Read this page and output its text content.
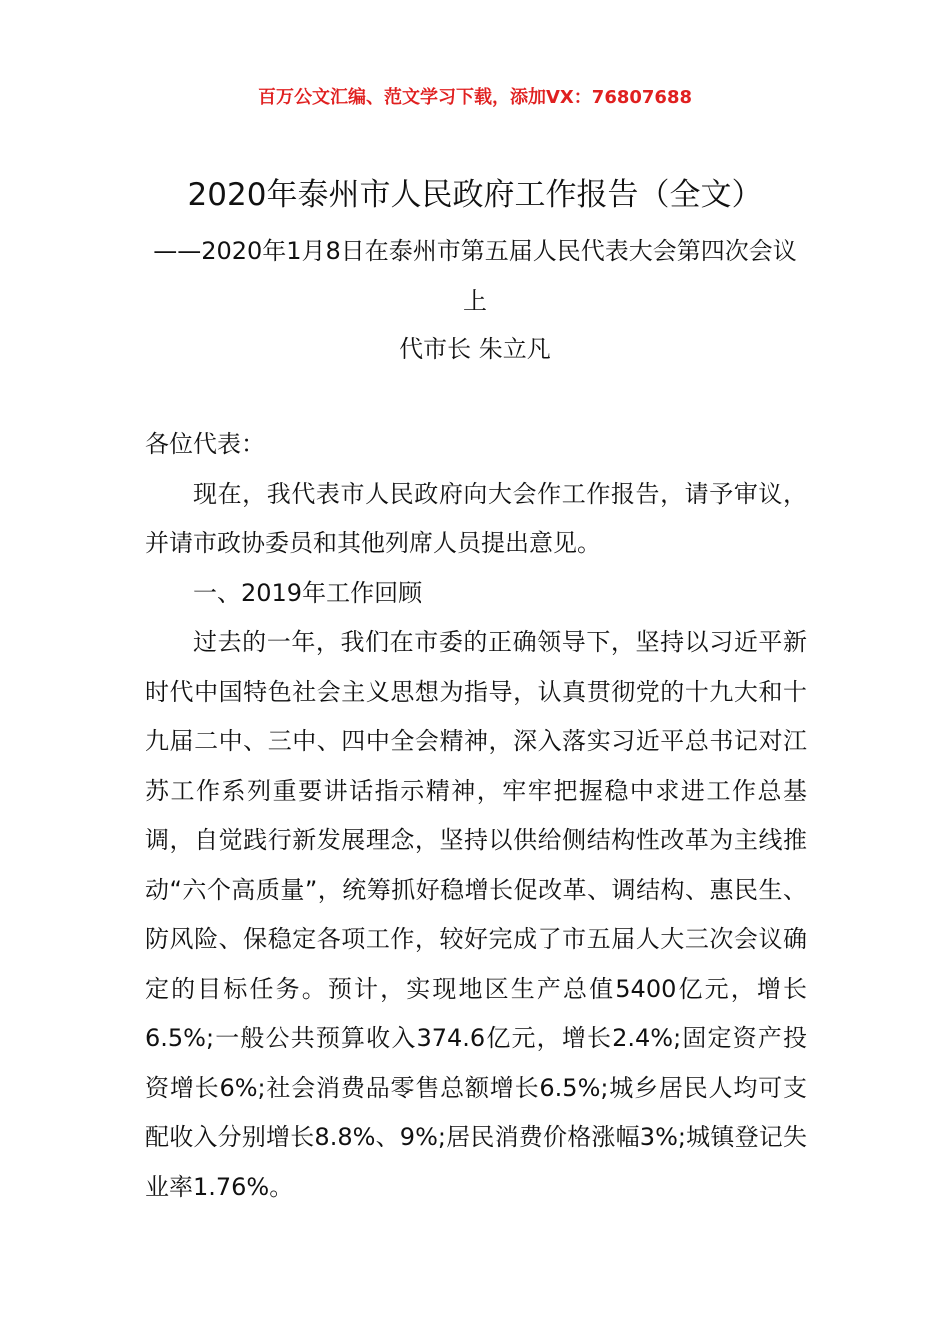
百万公文汇编、范文学习下载，添加VX：76807688
2020年泰州市人民政府工作报告（全文）
——2020年1月8日在泰州市第五届人民代表大会第四次会议上
代市长 朱立凡

各位代表：

现在，我代表市人民政府向大会作工作报告，请予审议，并请市政协委员和其他列席人员提出意见。

一、2019年工作回顾

过去的一年，我们在市委的正确领导下，坚持以习近平新时代中国特色社会主义思想为指导，认真贯彻党的十九大和十九届二中、三中、四中全会精神，深入落实习近平总书记对江苏工作系列重要讲话指示精神，牢牢把握稳中求进工作总基调，自觉践行新发展理念，坚持以供给侧结构性改革为主线推动“六个高质量”，统筹抓好稳增长促改革、调结构、惠民生、防风险、保稳定各项工作，较好完成了市五届人大三次会议确定的目标任务。预计，实现地区生产总值5400亿元，增长6.5%;一般公共预算收入374.6亿元，增长2.4%;固定资产投资增长6%;社会消费品零售总额增长6.5%;城乡居民人均可支配收入分别增长8.8%、9%;居民消费价格涨幅3%;城镇登记失业率1.76%。
